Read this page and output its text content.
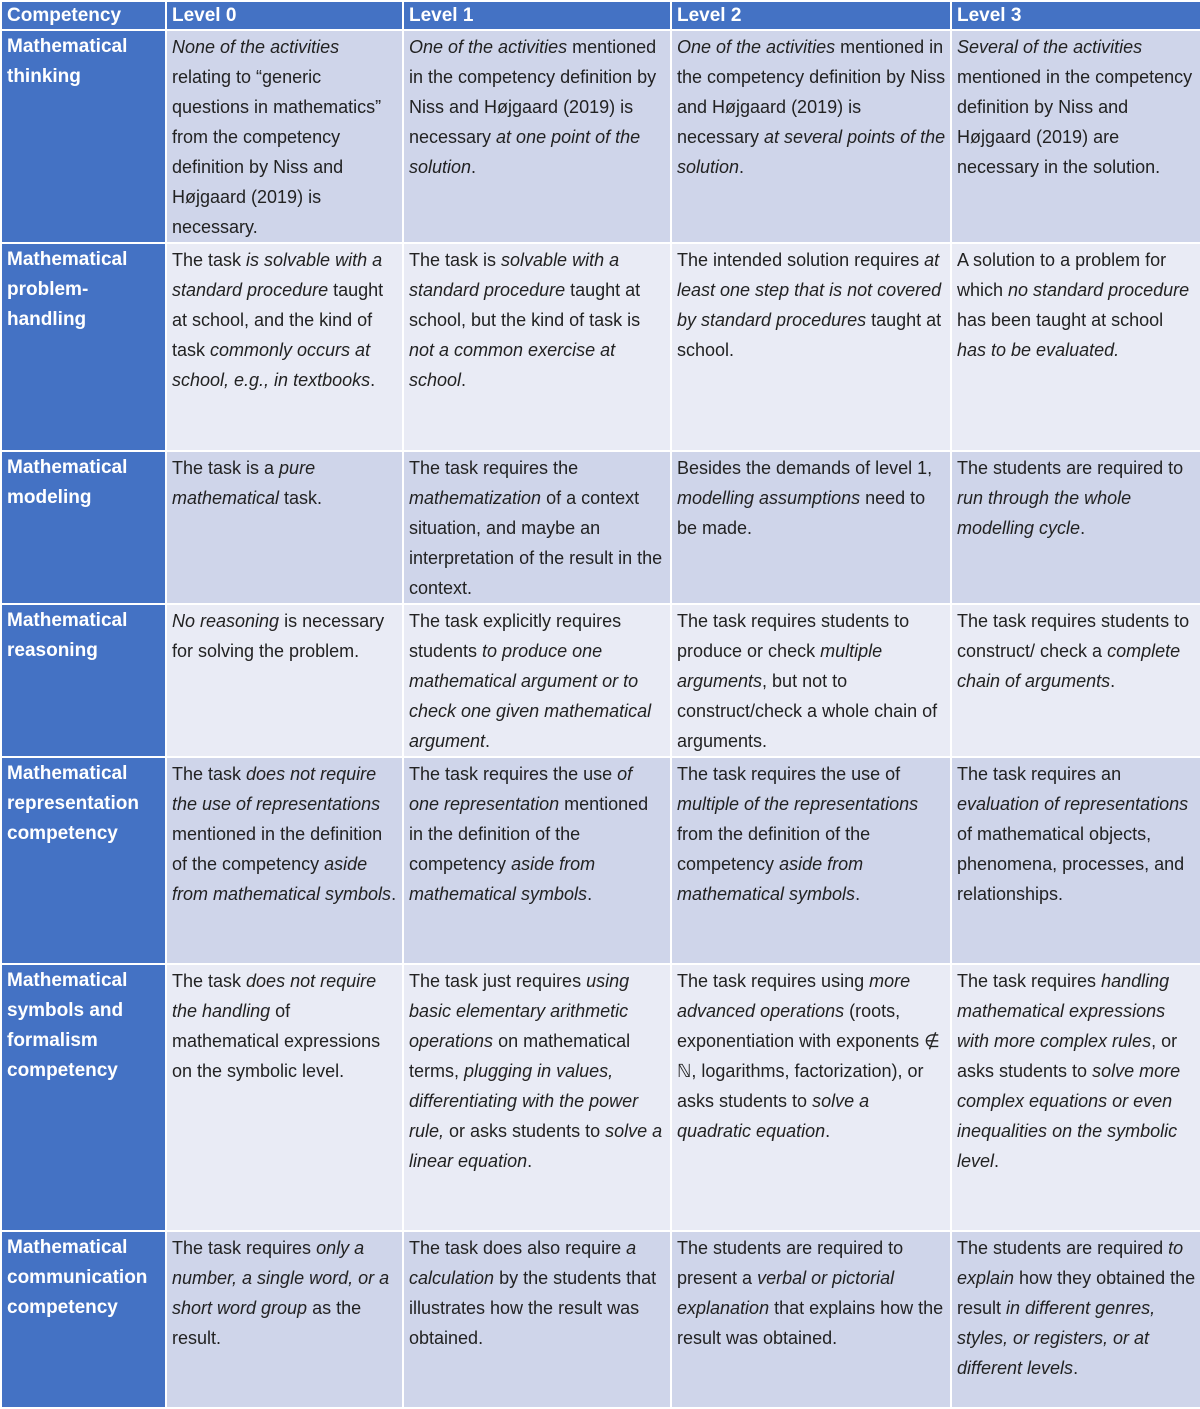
Competency	Level 0	Level 1	Level 2	Level 3
Mathematical thinking	None of the activities relating to “generic questions in mathematics” from the competency definition by Niss and Højgaard (2019) is necessary.	One of the activities mentioned in the competency definition by Niss and Højgaard (2019) is necessary at one point of the solution.	One of the activities mentioned in the competency definition by Niss and Højgaard (2019) is necessary at several points of the solution.	Several of the activities mentioned in the competency definition by Niss and Højgaard (2019) are necessary in the solution.
Mathematical problem-handling	The task is solvable with a standard procedure taught at school, and the kind of task commonly occurs at school, e.g., in textbooks.	The task is solvable with a standard procedure taught at school, but the kind of task is not a common exercise at school.	The intended solution requires at least one step that is not covered by standard procedures taught at school.	A solution to a problem for which no standard procedure has been taught at school has to be evaluated.
Mathematical modeling	The task is a pure mathematical task.	The task requires the mathematization of a context situation, and maybe an interpretation of the result in the context.	Besides the demands of level 1, modelling assumptions need to be made.	The students are required to run through the whole modelling cycle.
Mathematical reasoning	No reasoning is necessary for solving the problem.	The task explicitly requires students to produce one mathematical argument or to check one given mathematical argument.	The task requires students to produce or check multiple arguments, but not to construct/check a whole chain of arguments.	The task requires students to construct/ check a complete chain of arguments.
Mathematical representation competency	The task does not require the use of representations mentioned in the definition of the competency aside from mathematical symbols.	The task requires the use of one representation mentioned in the definition of the competency aside from mathematical symbols.	The task requires the use of multiple of the representations from the definition of the competency aside from mathematical symbols.	The task requires an evaluation of representations of mathematical objects, phenomena, processes, and relationships.
Mathematical symbols and formalism competency	The task does not require the handling of mathematical expressions on the symbolic level.	The task just requires using basic elementary arithmetic operations on mathematical terms, plugging in values, differentiating with the power rule, or asks students to solve a linear equation.	The task requires using more advanced operations (roots, exponentiation with exponents ∉ ℕ, logarithms, factorization), or asks students to solve a quadratic equation.	The task requires handling mathematical expressions with more complex rules, or asks students to solve more complex equations or even inequalities on the symbolic level.
Mathematical communication competency	The task requires only a number, a single word, or a short word group as the result.	The task does also require a calculation by the students that illustrates how the result was obtained.	The students are required to present a verbal or pictorial explanation that explains how the result was obtained.	The students are required to explain how they obtained the result in different genres, styles, or registers, or at different levels.
